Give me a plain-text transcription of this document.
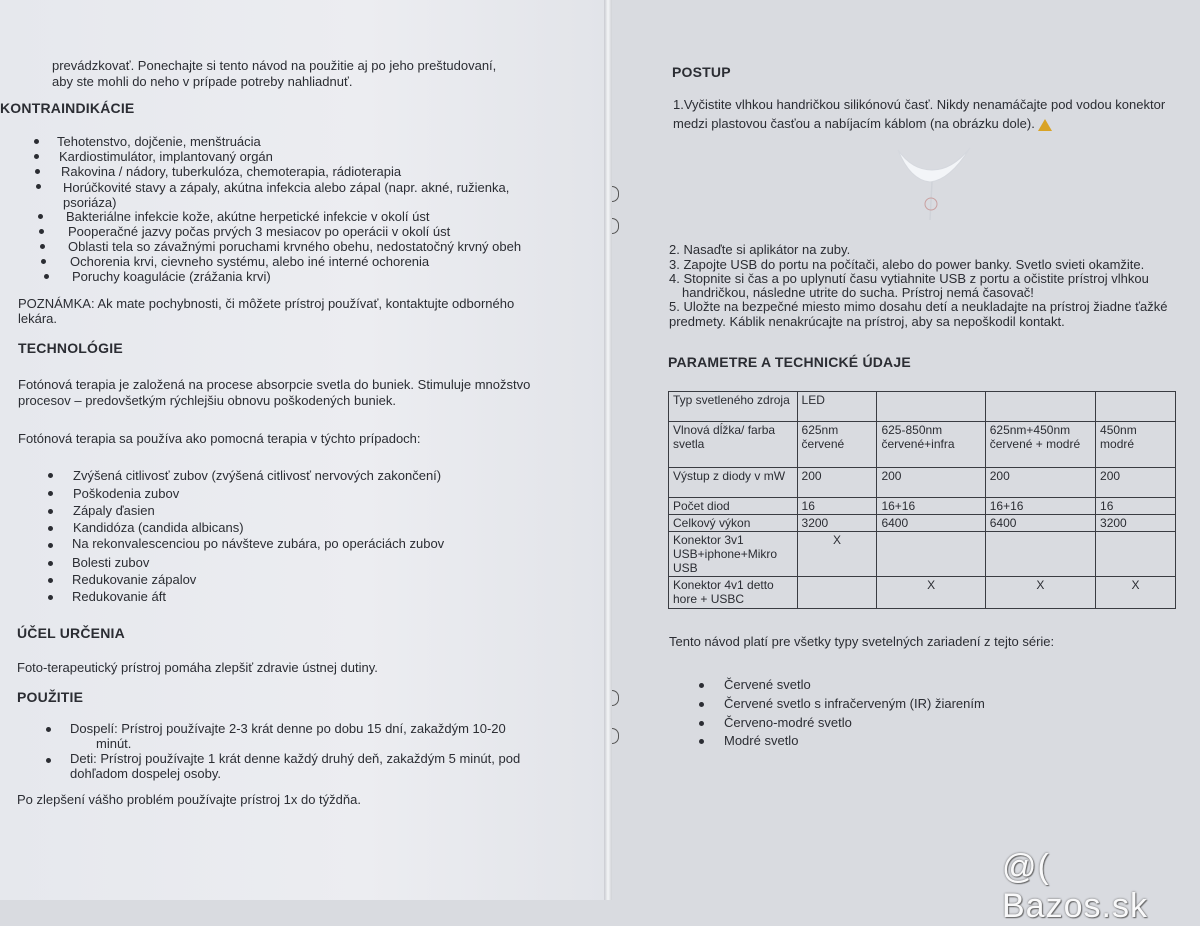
prevádzkovať. Ponechajte si tento návod na použitie aj po jeho preštudovaní,
aby ste mohli do neho v prípade potreby nahliadnuť.
KONTRAINDIKÁCIE
Tehotenstvo, dojčenie, menštruácia
Kardiostimulátor, implantovaný orgán
Rakovina / nádory, tuberkulóza, chemoterapia, rádioterapia
Horúčkovité stavy a zápaly, akútna infekcia alebo zápal (napr. akné, ružienka,
psoriáza)
Bakteriálne infekcie kože, akútne herpetické infekcie v okolí úst
Pooperačné jazvy počas prvých 3 mesiacov po operácii v okolí úst
Oblasti tela so závažnými poruchami krvného obehu, nedostatočný krvný obeh
Ochorenia krvi, cievneho systému, alebo iné interné ochorenia
Poruchy koagulácie (zrážania krvi)
POZNÁMKA: Ak mate pochybnosti, či môžete prístroj používať, kontaktujte odborného
lekára.
TECHNOLÓGIE
Fotónová terapia je založená na procese absorpcie svetla do buniek. Stimuluje množstvo
procesov – predovšetkým rýchlejšiu obnovu poškodených buniek.
Fotónová terapia sa používa ako pomocná terapia v týchto prípadoch:
Zvýšená citlivosť zubov (zvýšená citlivosť nervových zakončení)
Poškodenia zubov
Zápaly ďasien
Kandidóza (candida albicans)
Na rekonvalescenciou po návšteve zubára, po operáciách zubov
Bolesti zubov
Redukovanie zápalov
Redukovanie áft
ÚČEL URČENIA
Foto-terapeutický prístroj pomáha zlepšiť zdravie ústnej dutiny.
POUŽITIE
Dospelí: Prístroj používajte 2-3 krát denne po dobu 15 dní, zakaždým 10-20
minút.
Deti: Prístroj používajte 1 krát denne každý druhý deň, zakaždým 5 minút, pod
dohľadom dospelej osoby.
Po zlepšení vášho problém používajte prístroj 1x do týždňa.
POSTUP
1.Vyčistite vlhkou handričkou silikónovú časť. Nikdy nenamáčajte pod vodou konektor
medzi plastovou časťou a nabíjacím káblom (na obrázku dole).
2. Nasaďte si aplikátor na zuby.
3. Zapojte USB do portu na počítači, alebo do power banky. Svetlo svieti okamžite.
4. Stopnite si čas a po uplynutí času vytiahnite USB z portu a očistite prístroj vlhkou
handričkou, následne utrite do sucha. Prístroj nemá časovač!
5. Uložte na bezpečné miesto mimo dosahu detí a neukladajte na prístroj žiadne ťažké
predmety. Káblik nenakrúcajte na prístroj, aby sa nepoškodil kontakt.
PARAMETRE A TECHNICKÉ ÚDAJE
Typ svetleného zdroja	LED			
Vlnová dĺžka/ farba svetla	625nm červené	625-850nm červené+infra	625nm+450nm červené + modré	450nm modré
Výstup z diody v mW	200	200	200	200
Počet diod	16	16+16	16+16	16
Celkový výkon	3200	6400	6400	3200
Konektor 3v1 USB+iphone+Mikro USB	X			
Konektor 4v1 detto hore + USBC		X	X	X
Tento návod platí pre všetky typy svetelných zariadení z tejto série:
Červené svetlo
Červené svetlo s infračerveným (IR) žiarením
Červeno-modré svetlo
Modré svetlo
@( Bazos.sk
